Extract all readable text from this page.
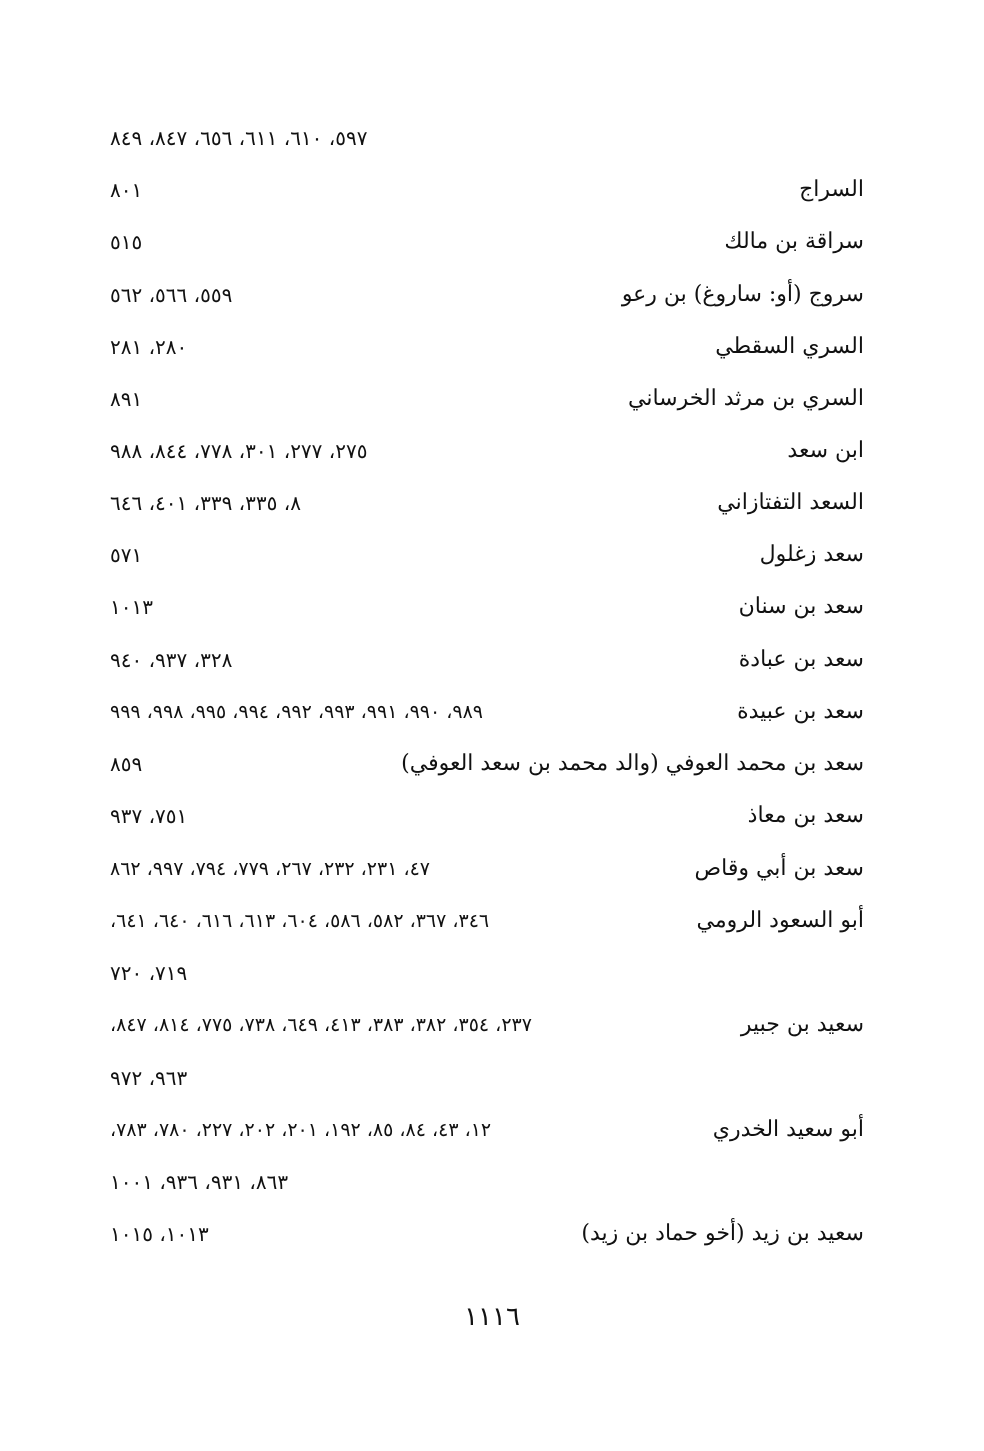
٥٩٧، ٦١٠، ٦١١، ٦٥٦، ٨٤٧، ٨٤٩
السراج
٨٠١
سراقة بن مالك
٥١٥
سروج (أو: ساروغ) بن رعو
٥٥٩، ٥٦٦، ٥٦٢
السري السقطي
٢٨٠، ٢٨١
السري بن مرثد الخرساني
٨٩١
ابن سعد
٢٧٥، ٢٧٧، ٣٠١، ٧٧٨، ٨٤٤، ٩٨٨
السعد التفتازاني
٨، ٣٣٥، ٣٣٩، ٤٠١، ٦٤٦
سعد زغلول
٥٧١
سعد بن سنان
١٠١٣
سعد بن عبادة
٣٢٨، ٩٣٧، ٩٤٠
سعد بن عبيدة
٩٨٩، ٩٩٠، ٩٩١، ٩٩٣، ٩٩٢، ٩٩٤، ٩٩٥، ٩٩٨، ٩٩٩
سعد بن محمد العوفي (والد محمد بن سعد العوفي)
٨٥٩
سعد بن معاذ
٧٥١، ٩٣٧
سعد بن أبي وقاص
٤٧، ٢٣١، ٢٣٢، ٢٦٧، ٧٧٩، ٧٩٤، ٩٩٧، ٨٦٢
أبو السعود الرومي
٣٤٦، ٣٦٧، ٥٨٢، ٥٨٦، ٦٠٤، ٦١٣، ٦١٦، ٦٤٠، ٦٤١،
٧١٩، ٧٢٠
سعيد بن جبير
٢٣٧، ٣٥٤، ٣٨٢، ٣٨٣، ٤١٣، ٦٤٩، ٧٣٨، ٧٧٥، ٨١٤، ٨٤٧،
٩٦٣، ٩٧٢
أبو سعيد الخدري
١٢، ٤٣، ٨٤، ٨٥، ١٩٢، ٢٠١، ٢٠٢، ٢٢٧، ٧٨٠، ٧٨٣،
٨٦٣، ٩٣١، ٩٣٦، ١٠٠١
سعيد بن زيد (أخو حماد بن زيد)
١٠١٣، ١٠١٥
١١١٦
